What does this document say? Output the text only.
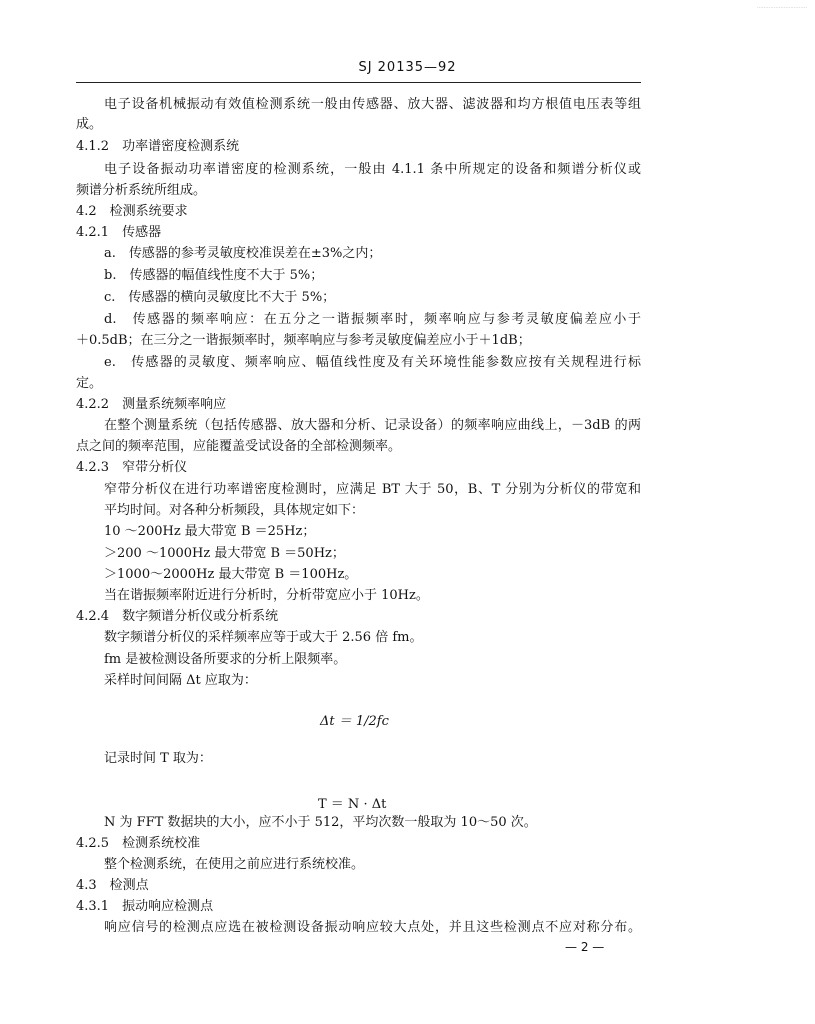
…………………………
SJ 20135—92
电子设备机械振动有效值检测系统一般由传感器、放大器、滤波器和均方根值电压表等组
成。
4.1.2　功率谱密度检测系统
电子设备振动功率谱密度的检测系统，一般由 4.1.1 条中所规定的设备和频谱分析仪或
频谱分析系统所组成。
4.2　检测系统要求
4.2.1　传感器
a.　传感器的参考灵敏度校准误差在±3%之内；
b.　传感器的幅值线性度不大于 5%；
c.　传感器的横向灵敏度比不大于 5%；
d.　传感器的频率响应：在五分之一谐振频率时，频率响应与参考灵敏度偏差应小于
＋0.5dB；在三分之一谐振频率时，频率响应与参考灵敏度偏差应小于＋1dB；
e.　传感器的灵敏度、频率响应、幅值线性度及有关环境性能参数应按有关规程进行标
定。
4.2.2　测量系统频率响应
在整个测量系统（包括传感器、放大器和分析、记录设备）的频率响应曲线上，－3dB 的两
点之间的频率范围，应能覆盖受试设备的全部检测频率。
4.2.3　窄带分析仪
窄带分析仪在进行功率谱密度检测时，应满足 BT 大于 50，B、T 分别为分析仪的带宽和
平均时间。对各种分析频段，具体规定如下：
10 ～200Hz 最大带宽 B ＝25Hz；
＞200 ～1000Hz 最大带宽 B ＝50Hz；
＞1000～2000Hz 最大带宽 B ＝100Hz。
当在谐振频率附近进行分析时，分析带宽应小于 10Hz。
4.2.4　数字频谱分析仪或分析系统
数字频谱分析仪的采样频率应等于或大于 2.56 倍 fm。
fm 是被检测设备所要求的分析上限频率。
采样时间间隔 Δt 应取为：
Δt ＝ 1/2fc
记录时间 T 取为：
T ＝ N · Δt
N 为 FFT 数据块的大小，应不小于 512，平均次数一般取为 10～50 次。
4.2.5　检测系统校准
整个检测系统，在使用之前应进行系统校准。
4.3　检测点
4.3.1　振动响应检测点
响应信号的检测点应选在被检测设备振动响应较大点处，并且这些检测点不应对称分布。
— 2 —
